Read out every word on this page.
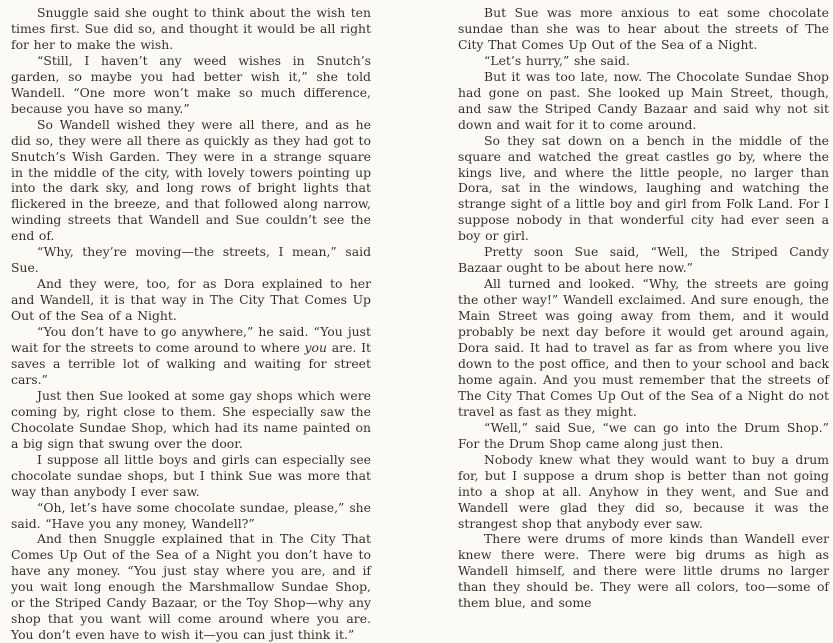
Snuggle said she ought to think about the wish ten times first. Sue did so, and thought it would be all right for her to make the wish.

“Still, I haven’t any weed wishes in Snutch’s garden, so maybe you had better wish it,” she told Wandell. “One more won’t make so much difference, because you have so many.”

So Wandell wished they were all there, and as he did so, they were all there as quickly as they had got to Snutch’s Wish Garden. They were in a strange square in the middle of the city, with lovely towers pointing up into the dark sky, and long rows of bright lights that flickered in the breeze, and that followed along narrow, winding streets that Wandell and Sue couldn’t see the end of.

“Why, they’re moving—the streets, I mean,” said Sue.

And they were, too, for as Dora explained to her and Wandell, it is that way in The City That Comes Up Out of the Sea of a Night.

“You don’t have to go anywhere,” he said. “You just wait for the streets to come around to where you are. It saves a terrible lot of walking and waiting for street cars.”

Just then Sue looked at some gay shops which were coming by, right close to them. She especially saw the Chocolate Sundae Shop, which had its name painted on a big sign that swung over the door.

I suppose all little boys and girls can especially see chocolate sundae shops, but I think Sue was more that way than anybody I ever saw.

“Oh, let’s have some chocolate sundae, please,” she said. “Have you any money, Wandell?”

And then Snuggle explained that in The City That Comes Up Out of the Sea of a Night you don’t have to have any money. “You just stay where you are, and if you wait long enough the Marshmallow Sundae Shop, or the Striped Candy Bazaar, or the Toy Shop—why any shop that you want will come around where you are. You don’t even have to wish it—you can just think it.”

But Sue was more anxious to eat some chocolate sundae than she was to hear about the streets of The City That Comes Up Out of the Sea of a Night.

“Let’s hurry,” she said.

But it was too late, now. The Chocolate Sundae Shop had gone on past. She looked up Main Street, though, and saw the Striped Candy Bazaar and said why not sit down and wait for it to come around.

So they sat down on a bench in the middle of the square and watched the great castles go by, where the kings live, and where the little people, no larger than Dora, sat in the windows, laughing and watching the strange sight of a little boy and girl from Folk Land. For I suppose nobody in that wonderful city had ever seen a boy or girl.

Pretty soon Sue said, “Well, the Striped Candy Bazaar ought to be about here now.”

All turned and looked. “Why, the streets are going the other way!” Wandell exclaimed. And sure enough, the Main Street was going away from them, and it would probably be next day before it would get around again, Dora said. It had to travel as far as from where you live down to the post office, and then to your school and back home again. And you must remember that the streets of The City That Comes Up Out of the Sea of a Night do not travel as fast as they might.

“Well,” said Sue, “we can go into the Drum Shop.” For the Drum Shop came along just then.

Nobody knew what they would want to buy a drum for, but I suppose a drum shop is better than not going into a shop at all. Anyhow in they went, and Sue and Wandell were glad they did so, because it was the strangest shop that anybody ever saw.

There were drums of more kinds than Wandell ever knew there were. There were big drums as high as Wandell himself, and there were little drums no larger than they should be. They were all colors, too—some of them blue, and some
